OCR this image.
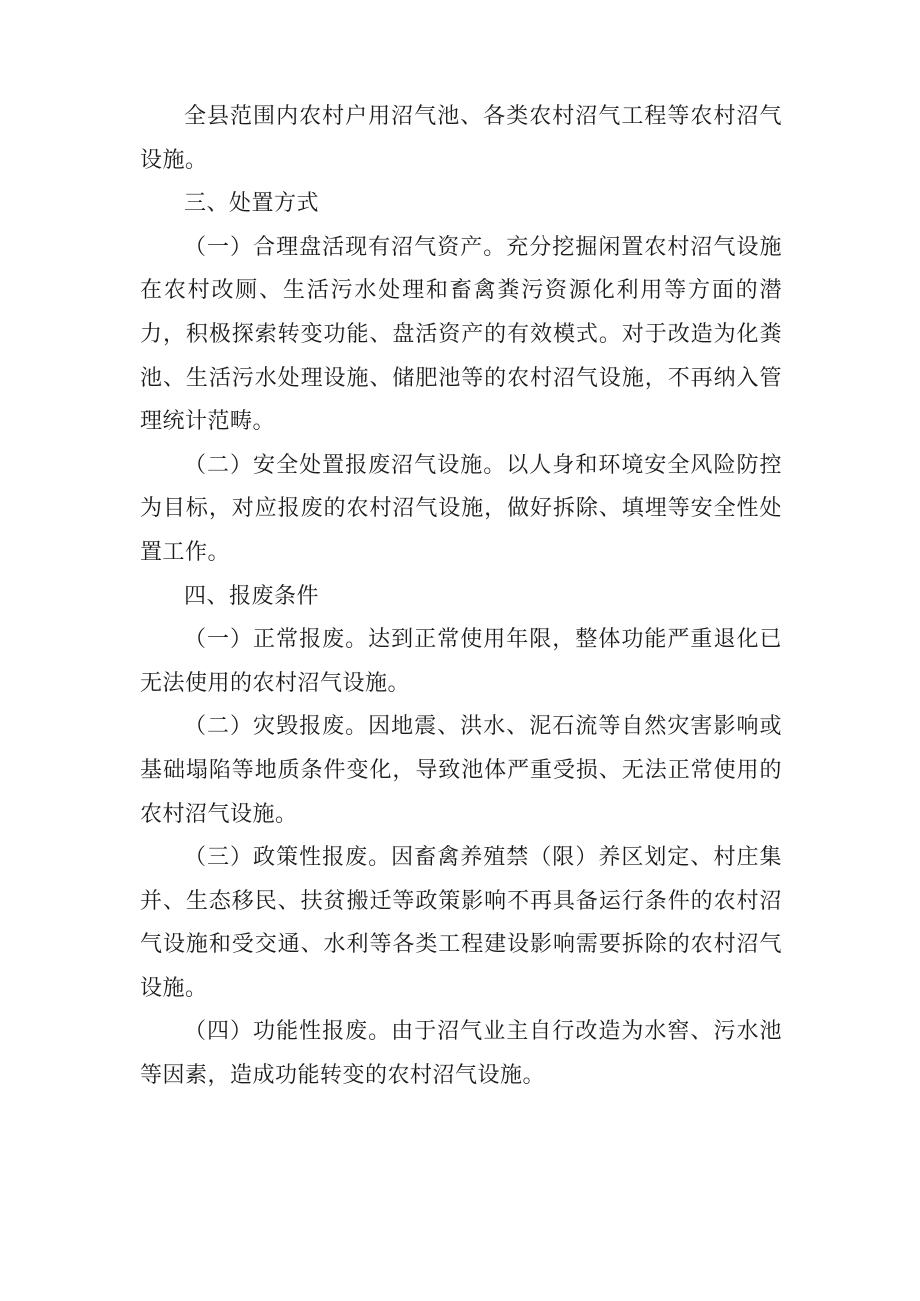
全县范围内农村户用沼气池、各类农村沼气工程等农村沼气设施。

三、处置方式

（一）合理盘活现有沼气资产。充分挖掘闲置农村沼气设施在农村改厕、生活污水处理和畜禽粪污资源化利用等方面的潜力，积极探索转变功能、盘活资产的有效模式。对于改造为化粪池、生活污水处理设施、储肥池等的农村沼气设施，不再纳入管理统计范畴。

（二）安全处置报废沼气设施。以人身和环境安全风险防控为目标，对应报废的农村沼气设施，做好拆除、填埋等安全性处置工作。

四、报废条件

（一）正常报废。达到正常使用年限，整体功能严重退化已无法使用的农村沼气设施。

（二）灾毁报废。因地震、洪水、泥石流等自然灾害影响或基础塌陷等地质条件变化，导致池体严重受损、无法正常使用的农村沼气设施。

（三）政策性报废。因畜禽养殖禁（限）养区划定、村庄集并、生态移民、扶贫搬迁等政策影响不再具备运行条件的农村沼气设施和受交通、水利等各类工程建设影响需要拆除的农村沼气设施。

（四）功能性报废。由于沼气业主自行改造为水窖、污水池等因素，造成功能转变的农村沼气设施。
